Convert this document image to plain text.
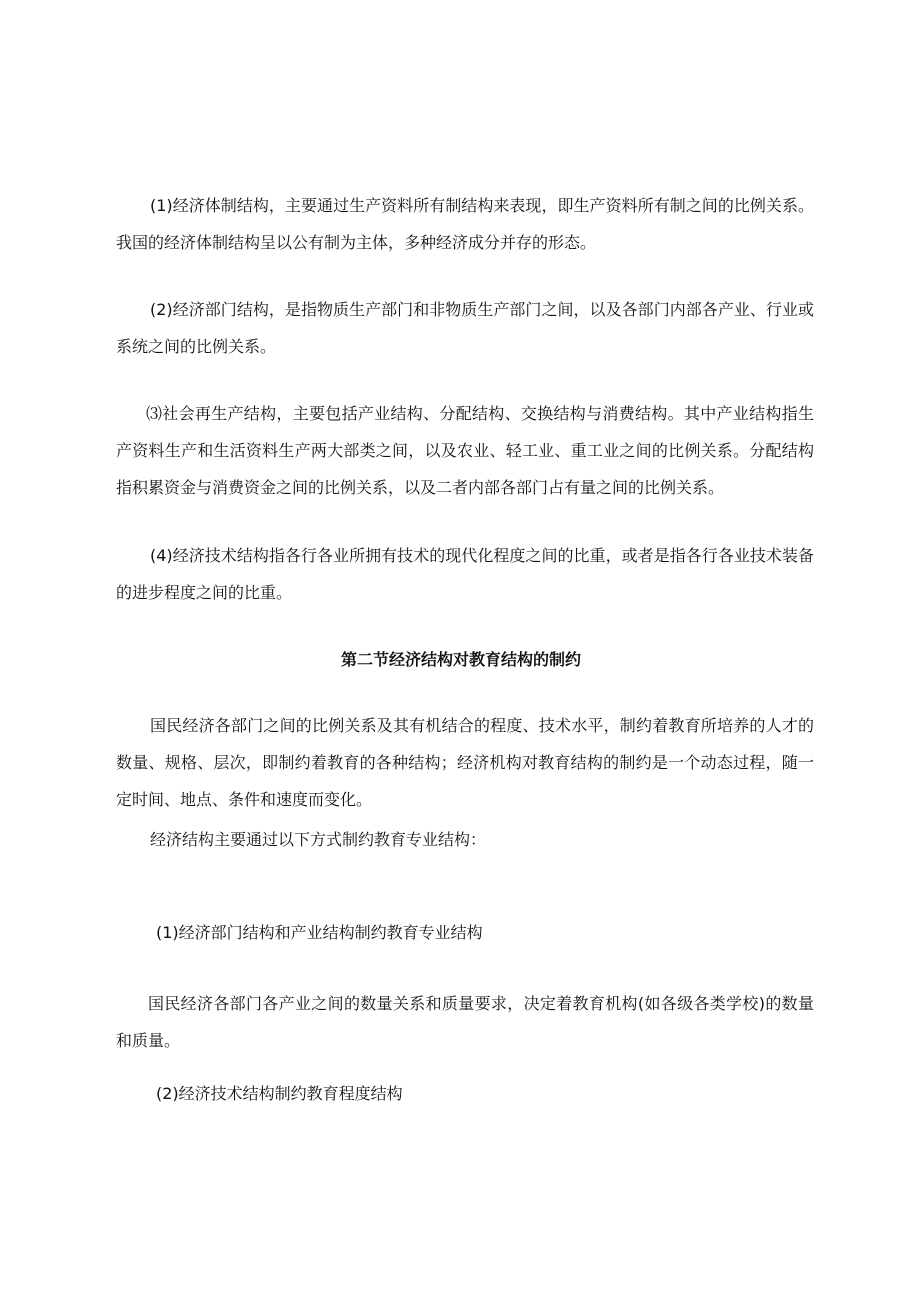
(1)经济体制结构，主要通过生产资料所有制结构来表现，即生产资料所有制之间的比例关系。我国的经济体制结构呈以公有制为主体，多种经济成分并存的形态。

(2)经济部门结构，是指物质生产部门和非物质生产部门之间，以及各部门内部各产业、行业或系统之间的比例关系。

⑶社会再生产结构，主要包括产业结构、分配结构、交换结构与消费结构。其中产业结构指生产资料生产和生活资料生产两大部类之间，以及农业、轻工业、重工业之间的比例关系。分配结构指积累资金与消费资金之间的比例关系，以及二者内部各部门占有量之间的比例关系。

(4)经济技术结构指各行各业所拥有技术的现代化程度之间的比重，或者是指各行各业技术装备的进步程度之间的比重。

第二节经济结构对教育结构的制约

国民经济各部门之间的比例关系及其有机结合的程度、技术水平，制约着教育所培养的人才的数量、规格、层次，即制约着教育的各种结构；经济机构对教育结构的制约是一个动态过程，随一定时间、地点、条件和速度而变化。

经济结构主要通过以下方式制约教育专业结构：

(1)经济部门结构和产业结构制约教育专业结构

国民经济各部门各产业之间的数量关系和质量要求，决定着教育机构(如各级各类学校)的数量和质量。

(2)经济技术结构制约教育程度结构
